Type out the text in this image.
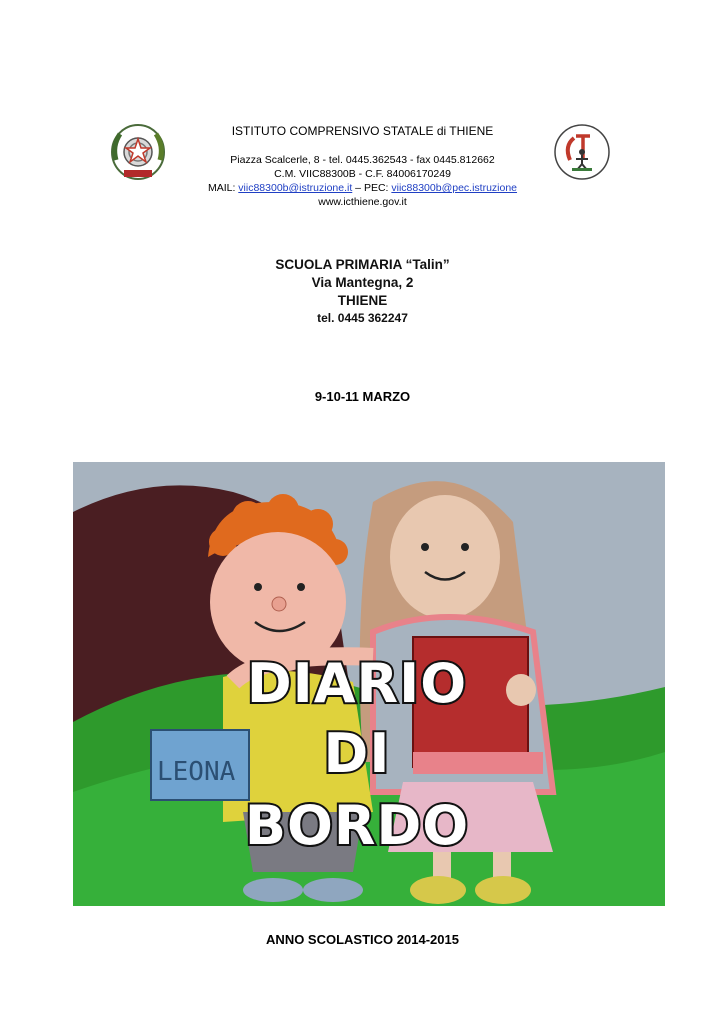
ISTITUTO COMPRENSIVO STATALE di THIENE
Piazza Scalcerle, 8 - tel. 0445.362543 - fax 0445.812662
C.M. VIIC88300B - C.F. 84006170249
MAIL: viic88300b@istruzione.it – PEC: viic88300b@pec.istruzione
www.icthiene.gov.it
SCUOLA PRIMARIA “Talin”
Via Mantegna, 2
THIENE
tel. 0445 362247
9-10-11 MARZO
LEONA
DIARIO
DI
BORDO
ANNO SCOLASTICO 2014-2015
